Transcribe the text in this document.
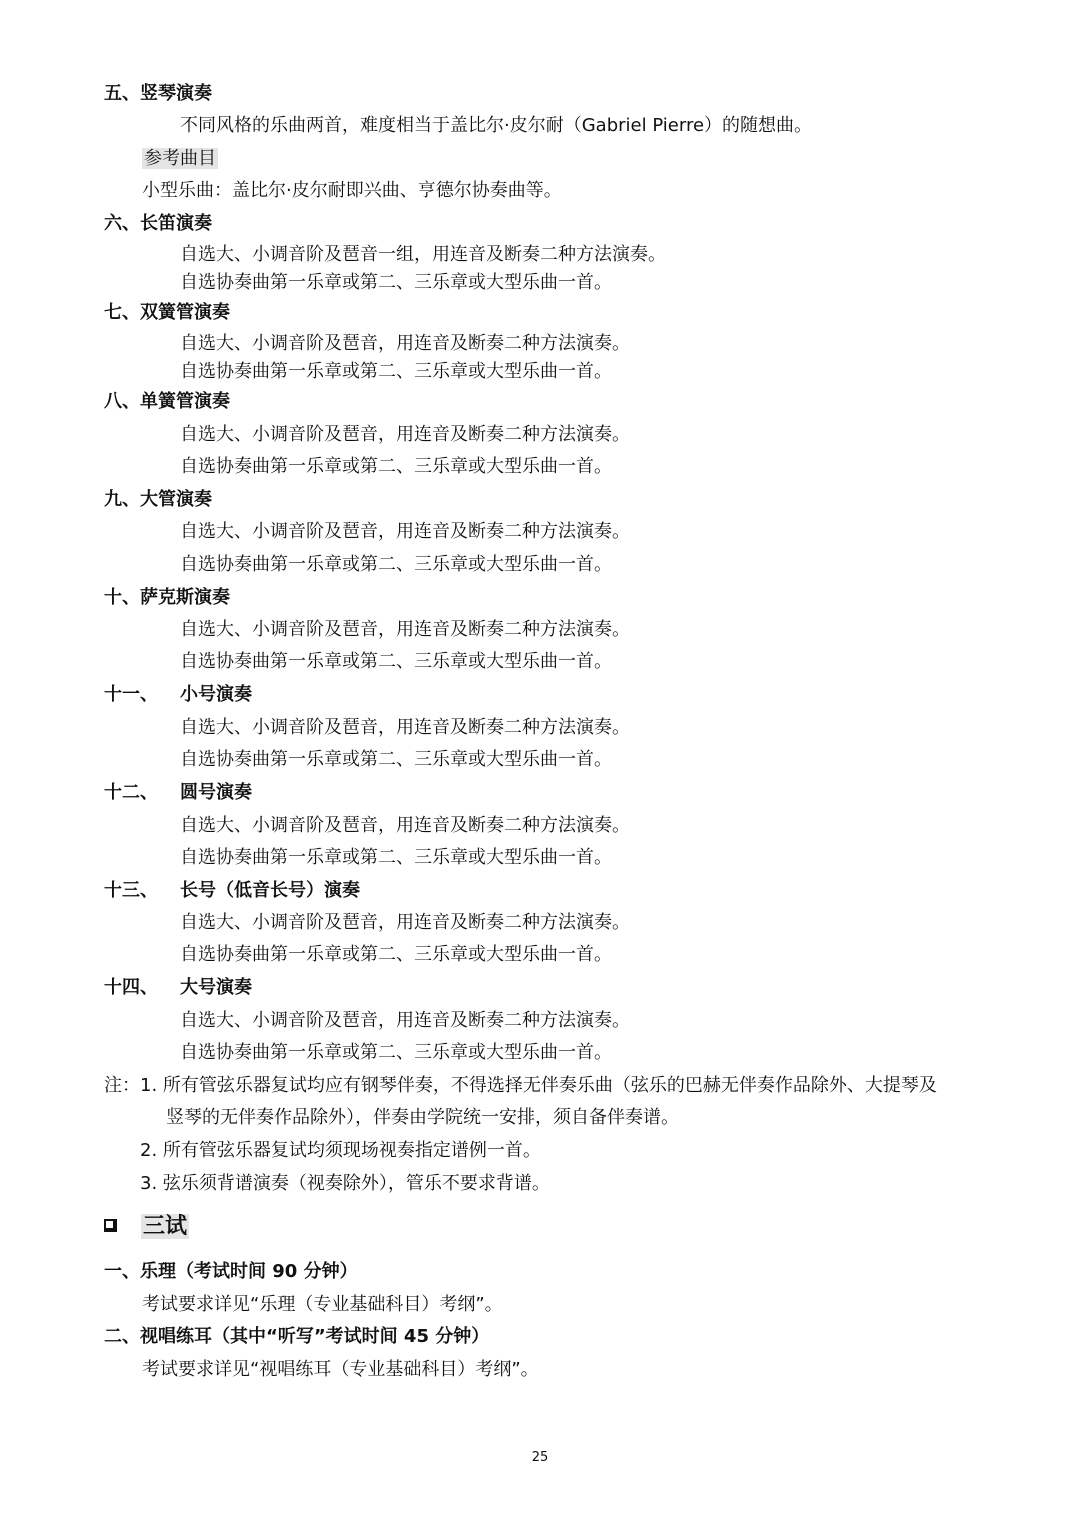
五、竖琴演奏
不同风格的乐曲两首，难度相当于盖比尔·皮尔耐（Gabriel Pierre）的随想曲。
参考曲目
小型乐曲：盖比尔·皮尔耐即兴曲、亨德尔协奏曲等。
六、长笛演奏
自选大、小调音阶及琶音一组，用连音及断奏二种方法演奏。
自选协奏曲第一乐章或第二、三乐章或大型乐曲一首。
七、双簧管演奏
自选大、小调音阶及琶音，用连音及断奏二种方法演奏。
自选协奏曲第一乐章或第二、三乐章或大型乐曲一首。
八、单簧管演奏
自选大、小调音阶及琶音，用连音及断奏二种方法演奏。
自选协奏曲第一乐章或第二、三乐章或大型乐曲一首。
九、大管演奏
自选大、小调音阶及琶音，用连音及断奏二种方法演奏。
自选协奏曲第一乐章或第二、三乐章或大型乐曲一首。
十、萨克斯演奏
自选大、小调音阶及琶音，用连音及断奏二种方法演奏。
自选协奏曲第一乐章或第二、三乐章或大型乐曲一首。
十一、 小号演奏
自选大、小调音阶及琶音，用连音及断奏二种方法演奏。
自选协奏曲第一乐章或第二、三乐章或大型乐曲一首。
十二、 圆号演奏
自选大、小调音阶及琶音，用连音及断奏二种方法演奏。
自选协奏曲第一乐章或第二、三乐章或大型乐曲一首。
十三、 长号（低音长号）演奏
自选大、小调音阶及琶音，用连音及断奏二种方法演奏。
自选协奏曲第一乐章或第二、三乐章或大型乐曲一首。
十四、 大号演奏
自选大、小调音阶及琶音，用连音及断奏二种方法演奏。
自选协奏曲第一乐章或第二、三乐章或大型乐曲一首。
注： 1. 所有管弦乐器复试均应有钢琴伴奏，不得选择无伴奏乐曲（弦乐的巴赫无伴奏作品除外、大提琴及
竖琴的无伴奏作品除外），伴奏由学院统一安排，须自备伴奏谱。
2. 所有管弦乐器复试均须现场视奏指定谱例一首。
3. 弦乐须背谱演奏（视奏除外），管乐不要求背谱。
三试
一、乐理（考试时间 90 分钟）
考试要求详见“乐理（专业基础科目）考纲”。
二、视唱练耳（其中“听写”考试时间 45 分钟）
考试要求详见“视唱练耳（专业基础科目）考纲”。
25
